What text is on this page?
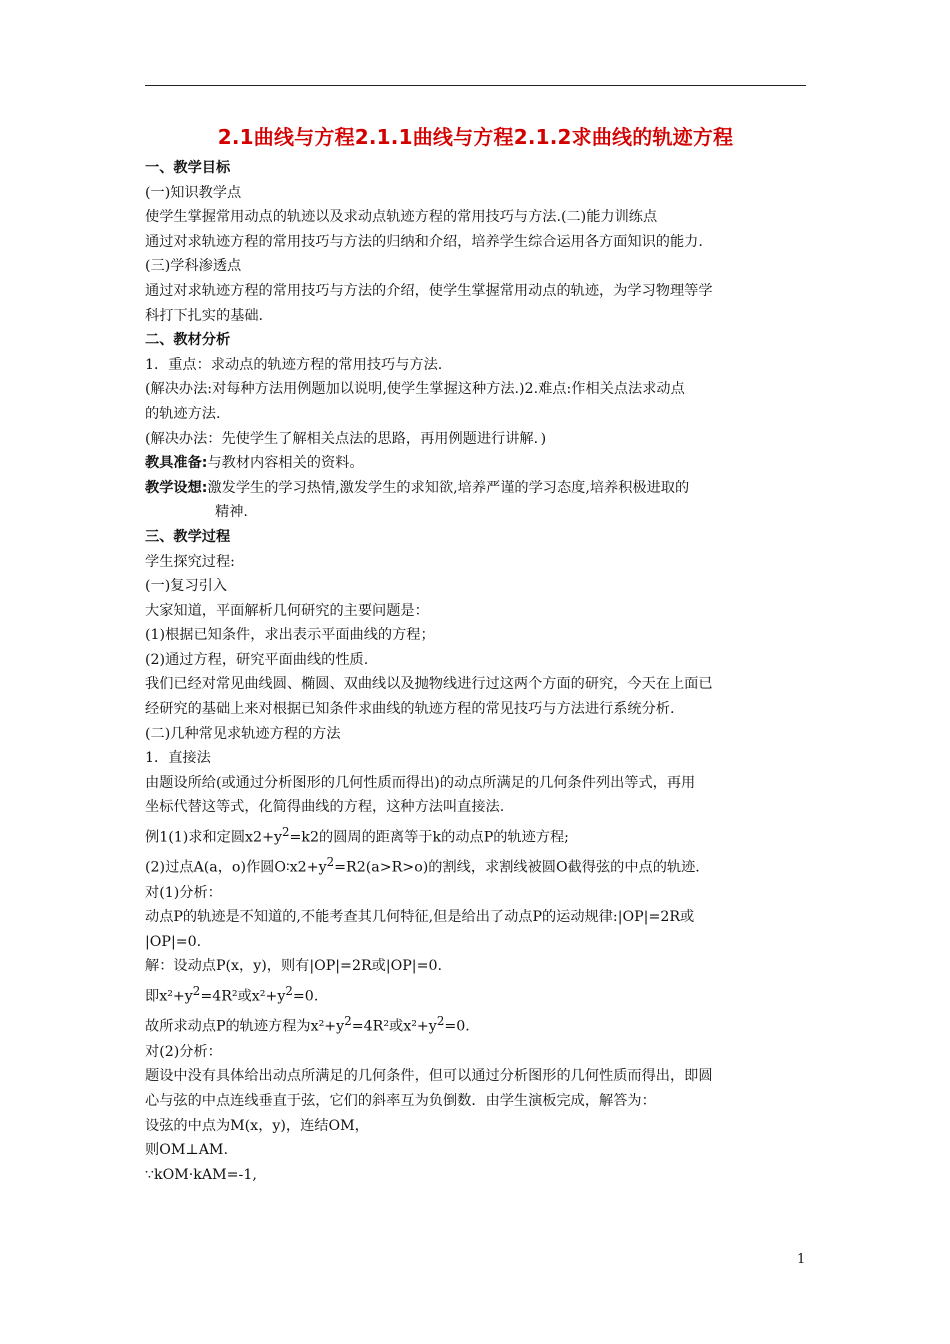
2.1曲线与方程2.1.1曲线与方程2.1.2求曲线的轨迹方程

一、教学目标

(一)知识教学点

使学生掌握常用动点的轨迹以及求动点轨迹方程的常用技巧与方法.(二)能力训练点

通过对求轨迹方程的常用技巧与方法的归纳和介绍，培养学生综合运用各方面知识的能力.

(三)学科渗透点

通过对求轨迹方程的常用技巧与方法的介绍，使学生掌握常用动点的轨迹，为学习物理等学

科打下扎实的基础.

二、教材分析

1．重点：求动点的轨迹方程的常用技巧与方法.

(解决办法:对每种方法用例题加以说明,使学生掌握这种方法.)2.难点:作相关点法求动点

的轨迹方法.

(解决办法：先使学生了解相关点法的思路，再用例题进行讲解．)

教具准备:与教材内容相关的资料。

教学设想:激发学生的学习热情,激发学生的求知欲,培养严谨的学习态度,培养积极进取的

精神.

三、教学过程

学生探究过程:

(一)复习引入

大家知道，平面解析几何研究的主要问题是：

(1)根据已知条件，求出表示平面曲线的方程；

(2)通过方程，研究平面曲线的性质.

我们已经对常见曲线圆、椭圆、双曲线以及抛物线进行过这两个方面的研究，今天在上面已

经研究的基础上来对根据已知条件求曲线的轨迹方程的常见技巧与方法进行系统分析.

(二)几种常见求轨迹方程的方法

1．直接法

由题设所给(或通过分析图形的几何性质而得出)的动点所满足的几何条件列出等式，再用

坐标代替这等式，化简得曲线的方程，这种方法叫直接法.

例1(1)求和定圆$x2+y^2=k2$的圆周的距离等于k的动点P的轨迹方程;

(2)过点A(a，o)作圆$O∶x2+y^2=R2(a>R>o)$的割线，求割线被圆O截得弦的中点的轨迹.

对(1)分析：

动点P的轨迹是不知道的,不能考查其几何特征,但是给出了动点P的运动规律:|OP|=2R或

|OP|=0.

解：设动点P(x，y)，则有|OP|=2R或|OP|=0.

即$x^2+y^2=4R^2$或$x^2+y^2=0$.

故所求动点P的轨迹方程为$x^2+y^2=4R^2$或$x^2+y^2=0$.

对(2)分析：

题设中没有具体给出动点所满足的几何条件，但可以通过分析图形的几何性质而得出，即圆

心与弦的中点连线垂直于弦，它们的斜率互为负倒数．由学生演板完成，解答为：

设弦的中点为M(x，y)，连结OM，

则OM⊥AM.

∵kOM·kAM=-1,

1
